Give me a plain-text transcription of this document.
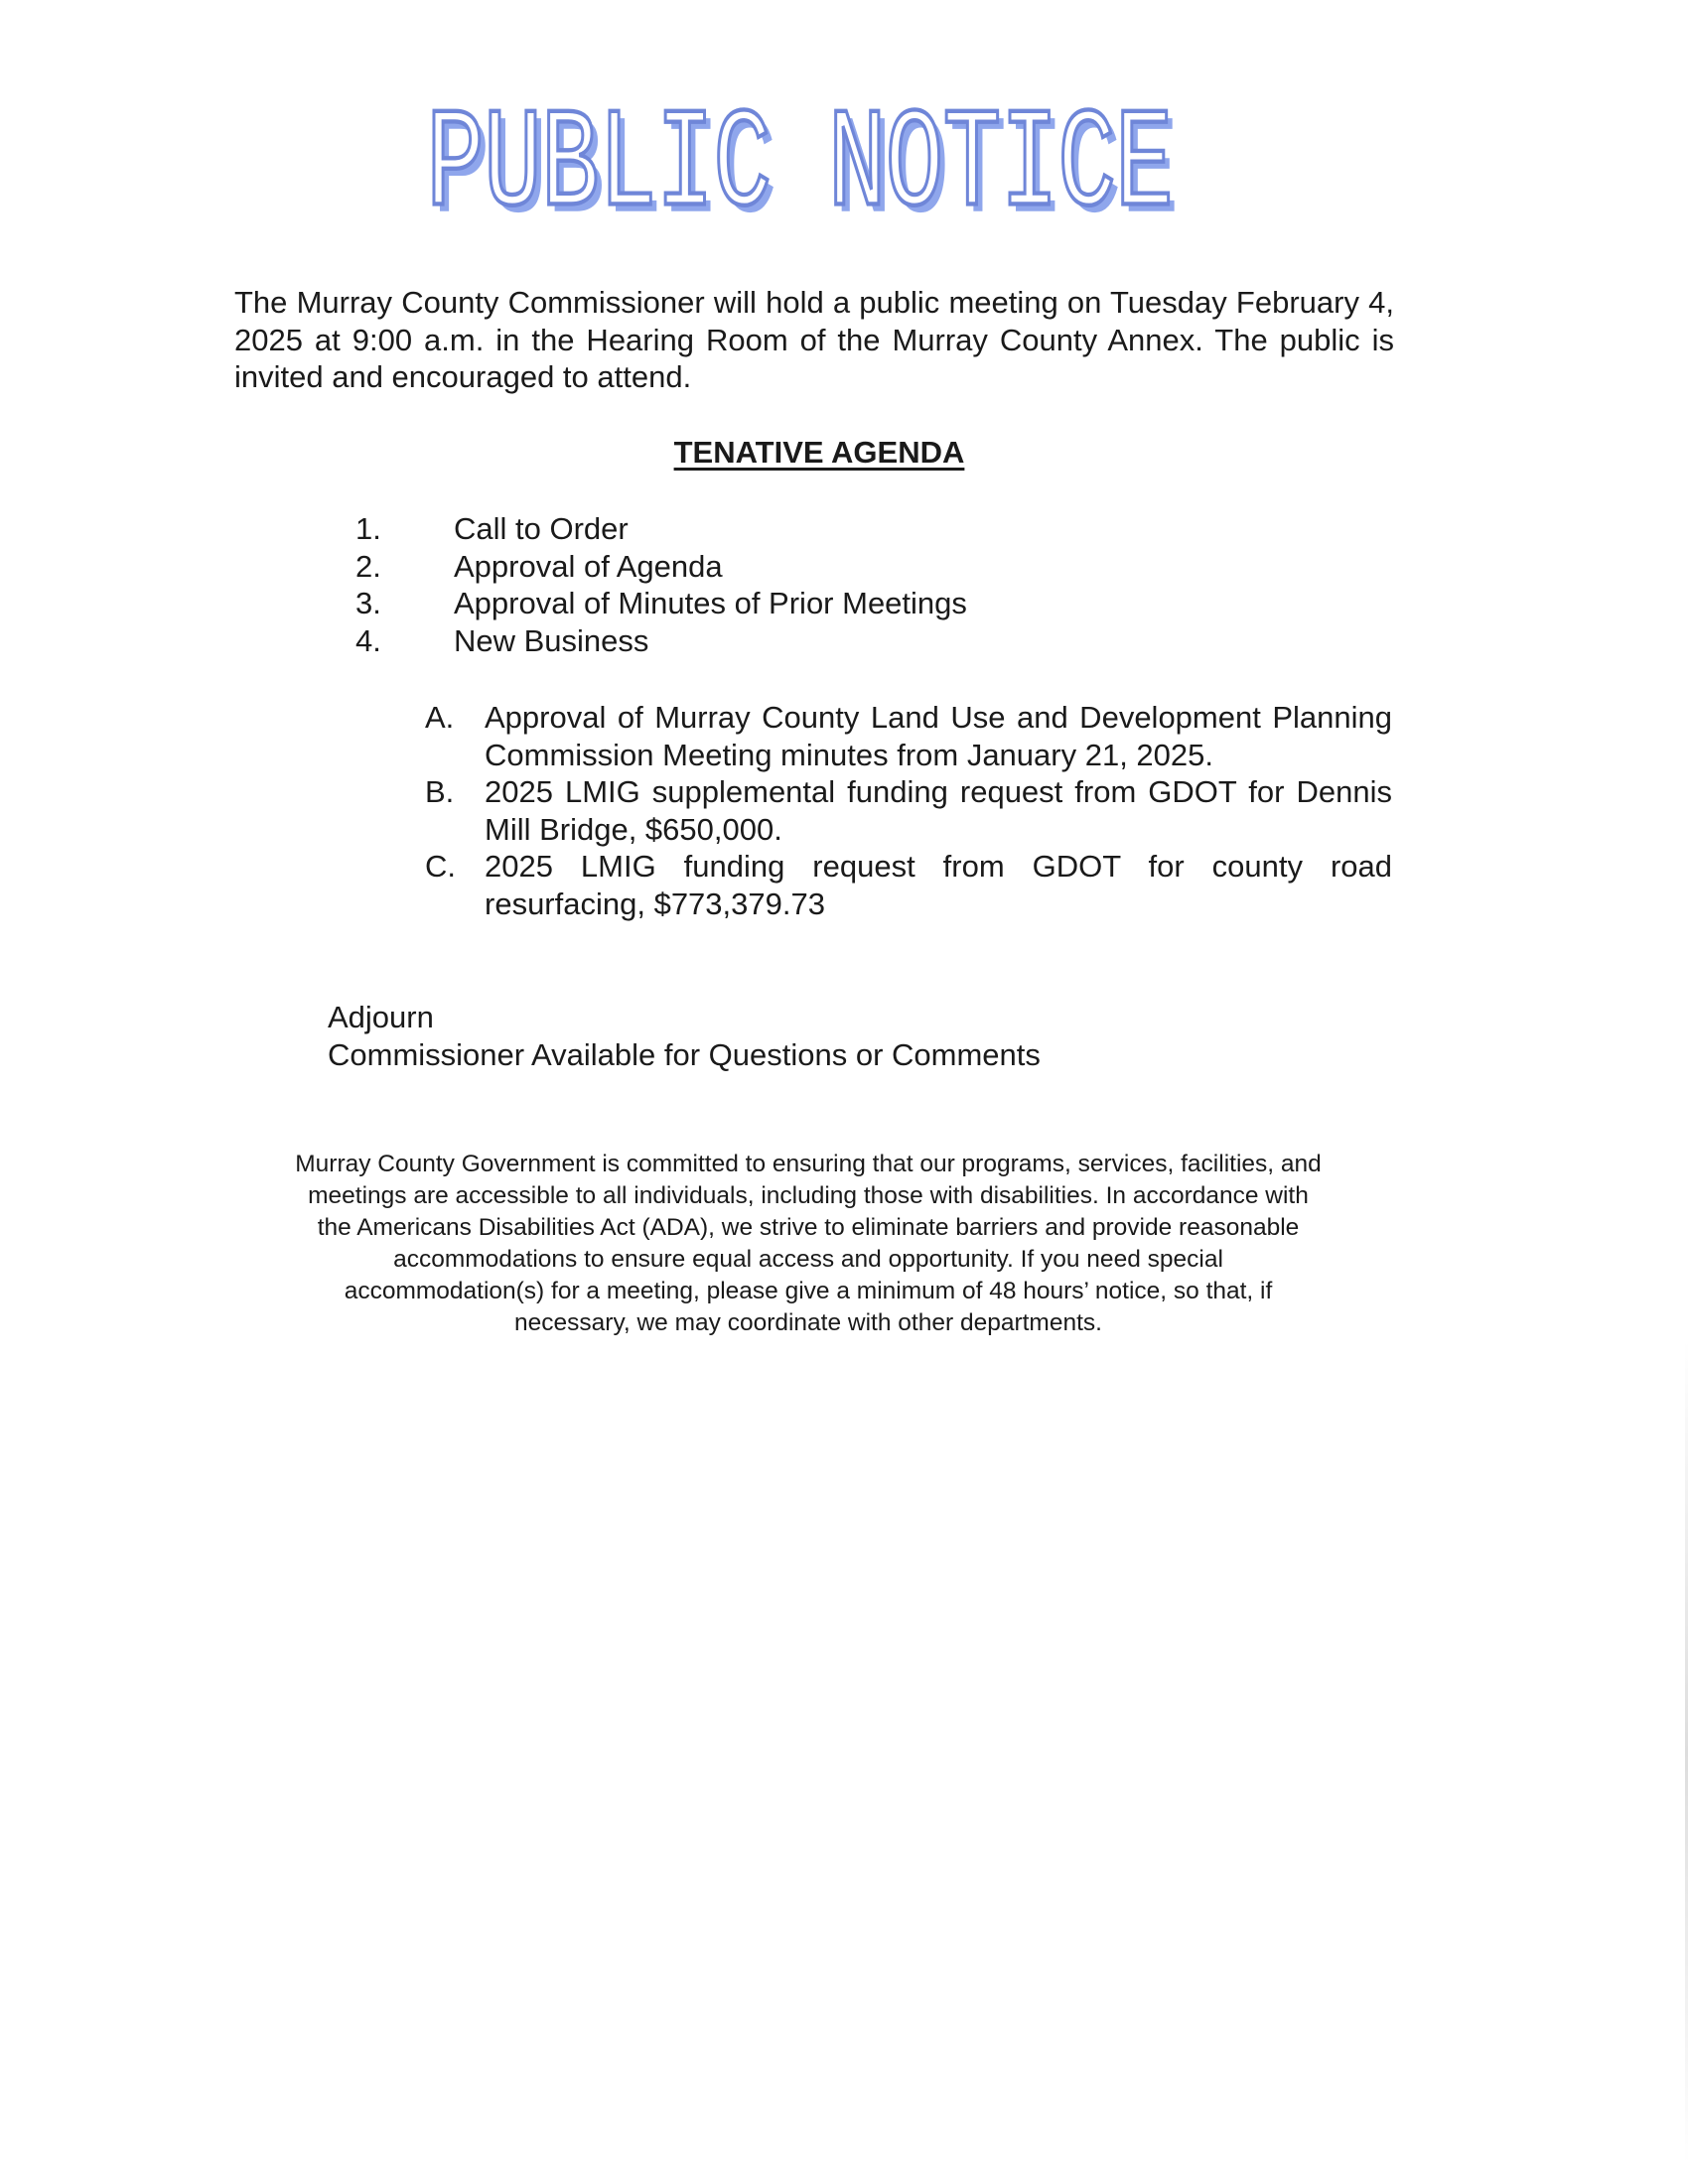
PUBLIC NOTICE

The Murray County Commissioner will hold a public meeting on Tuesday February 4, 2025 at 9:00 a.m. in the Hearing Room of the Murray County Annex. The public is invited and encouraged to attend.

TENATIVE AGENDA
1.	Call to Order
2.	Approval of Agenda
3.	Approval of Minutes of Prior Meetings
4.	New Business
A. Approval of Murray County Land Use and Development Planning Commission Meeting minutes from January 21, 2025.
B. 2025 LMIG supplemental funding request from GDOT for Dennis Mill Bridge, $650,000.
C. 2025 LMIG funding request from GDOT for county road resurfacing, $773,379.73
Adjourn
Commissioner Available for Questions or Comments
Murray County Government is committed to ensuring that our programs, services, facilities, and
meetings are accessible to all individuals, including those with disabilities. In accordance with
the Americans Disabilities Act (ADA), we strive to eliminate barriers and provide reasonable
accommodations to ensure equal access and opportunity. If you need special
accommodation(s) for a meeting, please give a minimum of 48 hours’ notice, so that, if
necessary, we may coordinate with other departments.
